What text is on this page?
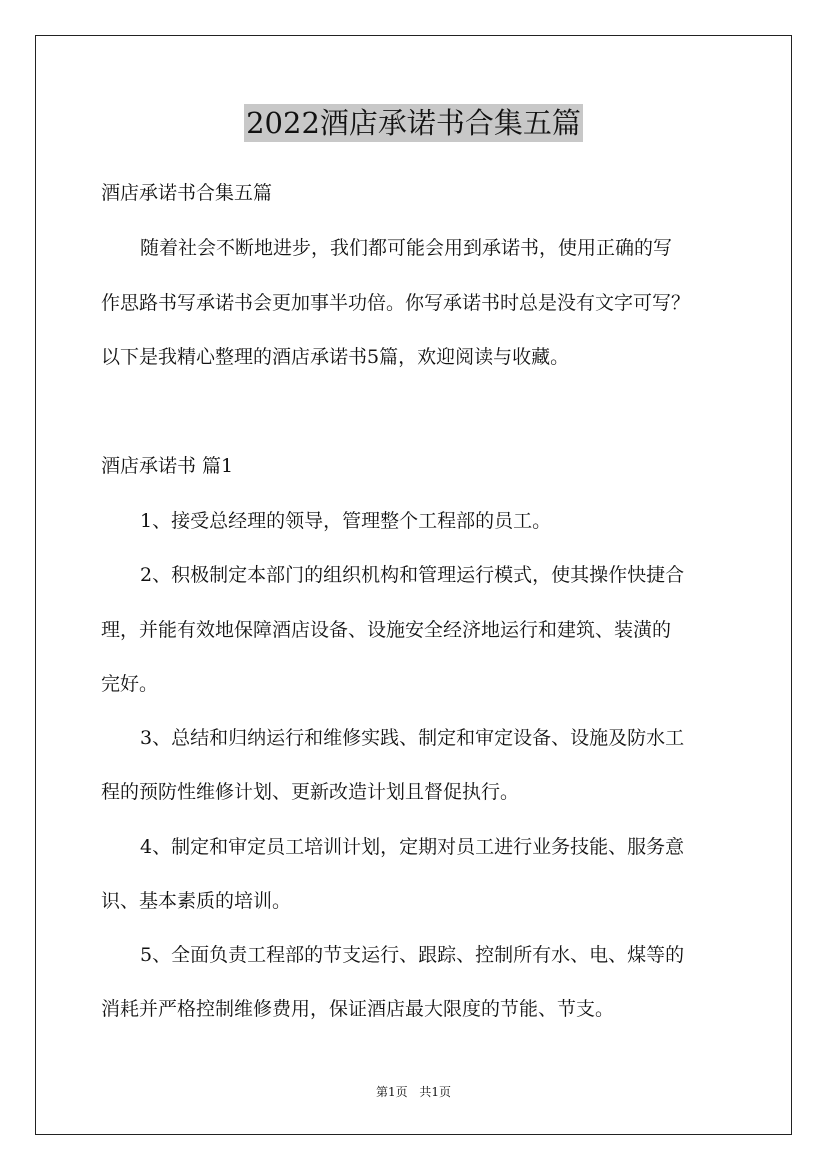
2022酒店承诺书合集五篇
酒店承诺书合集五篇
随着社会不断地进步，我们都可能会用到承诺书，使用正确的写
作思路书写承诺书会更加事半功倍。你写承诺书时总是没有文字可写？
以下是我精心整理的酒店承诺书5篇，欢迎阅读与收藏。
酒店承诺书 篇1
1、接受总经理的领导，管理整个工程部的员工。
2、积极制定本部门的组织机构和管理运行模式，使其操作快捷合
理，并能有效地保障酒店设备、设施安全经济地运行和建筑、装潢的
完好。
3、总结和归纳运行和维修实践、制定和审定设备、设施及防水工
程的预防性维修计划、更新改造计划且督促执行。
4、制定和审定员工培训计划，定期对员工进行业务技能、服务意
识、基本素质的培训。
5、全面负责工程部的节支运行、跟踪、控制所有水、电、煤等的
消耗并严格控制维修费用，保证酒店最大限度的节能、节支。
第1页 共1页
